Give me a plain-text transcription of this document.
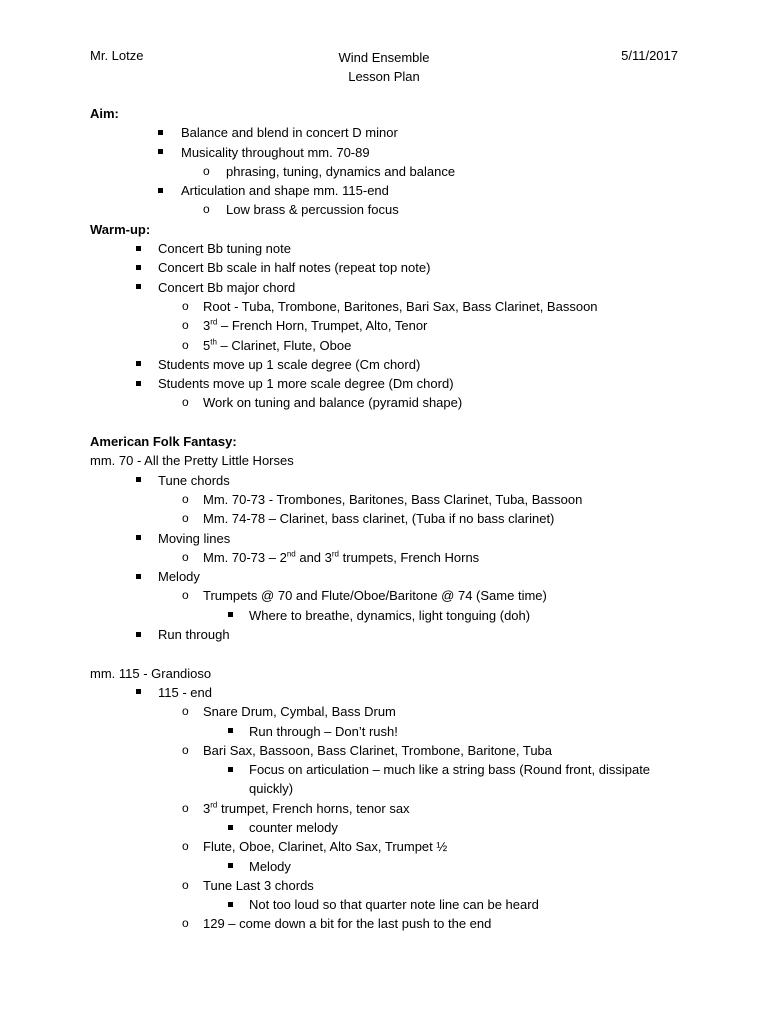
Mr. Lotze	Wind Ensemble
Lesson Plan
5/11/2017
Aim:
Balance and blend in concert D minor
Musicality throughout mm. 70-89
o	phrasing, tuning, dynamics and balance
Articulation and shape mm. 115-end
o	Low brass & percussion focus
Warm-up:
Concert Bb tuning note
Concert Bb scale in half notes (repeat top note)
Concert Bb major chord
o	Root - Tuba, Trombone, Baritones, Bari Sax, Bass Clarinet, Bassoon
o	3rd – French Horn, Trumpet, Alto, Tenor
o	5th – Clarinet, Flute, Oboe
Students move up 1 scale degree (Cm chord)
Students move up 1 more scale degree (Dm chord)
o	Work on tuning and balance (pyramid shape)
American Folk Fantasy:
mm. 70 - All the Pretty Little Horses
Tune chords
o	Mm. 70-73 - Trombones, Baritones, Bass Clarinet, Tuba, Bassoon
o	Mm. 74-78 – Clarinet, bass clarinet, (Tuba if no bass clarinet)
Moving lines
o	Mm. 70-73 – 2nd and 3rd trumpets, French Horns
Melody
o	Trumpets @ 70 and Flute/Oboe/Baritone @ 74 (Same time)
Where to breathe, dynamics, light tonguing (doh)
Run through
mm. 115 - Grandioso
115 - end
o	Snare Drum, Cymbal, Bass Drum
Run through – Don’t rush!
o	Bari Sax, Bassoon, Bass Clarinet, Trombone, Baritone, Tuba
Focus on articulation – much like a string bass (Round front, dissipate quickly)
o	3rd trumpet, French horns, tenor sax
counter melody
o	Flute, Oboe, Clarinet, Alto Sax, Trumpet ½
Melody
o	Tune Last 3 chords
Not too loud so that quarter note line can be heard
o	129 – come down a bit for the last push to the end
